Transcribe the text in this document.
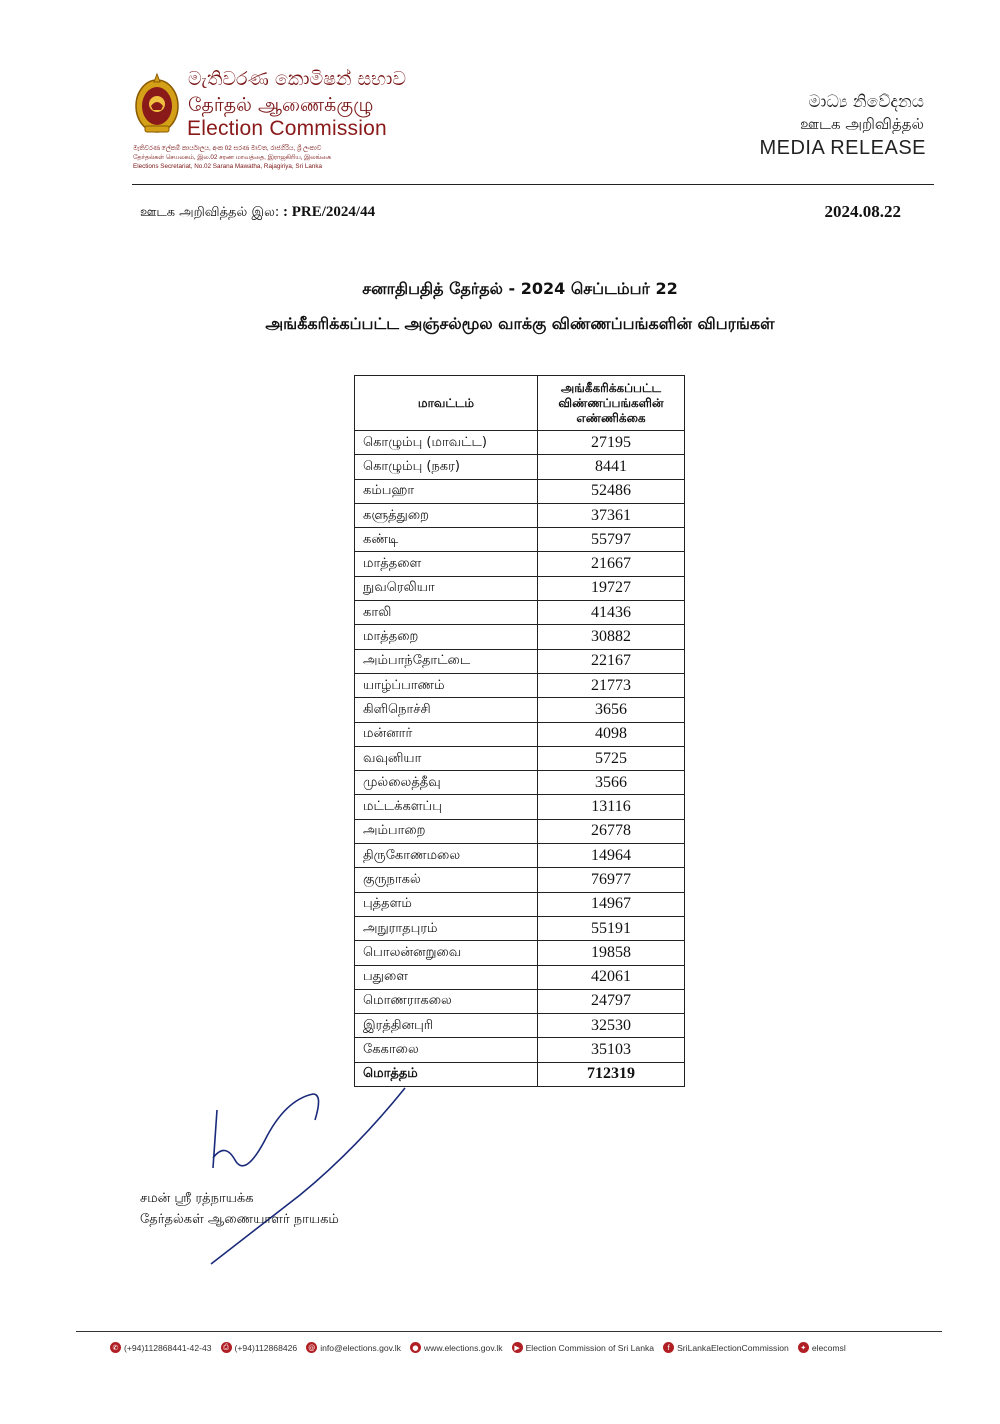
මැතිවරණ කොමිෂන් සභාව
தேர்தல் ஆணைக்குழு
Election Commission
මැතිවරණ ලේකම් කාර්යාලය, අංක 02 සරණ මාවත, රාජගිරිය, ශ්‍රී ලංකාව
தேர்தல்கள் செயலகம், இல.02 சரண மாவத்தை, இராஜகிரிய, இலங்கை
Elections Secretariat, No.02 Sarana Mawatha, Rajagiriya, Sri Lanka
මාධ්‍ය නිවේදනය
ஊடக அறிவித்தல்
MEDIA RELEASE
ஊடக அறிவித்தல் இல: : PRE/2024/44	2024.08.22
சனாதிபதித் தேர்தல் - 2024 செப்டம்பர் 22
அங்கீகரிக்கப்பட்ட அஞ்சல்மூல வாக்கு விண்ணப்பங்களின் விபரங்கள்
மாவட்டம்	அங்கீகரிக்கப்பட்ட
விண்ணப்பங்களின்
எண்ணிக்கை

கொழும்பு (மாவட்ட)	27195
கொழும்பு (நகர)	8441
கம்பஹா	52486
களுத்துறை	37361
கண்டி	55797
மாத்தளை	21667
நுவரெலியா	19727
காலி	41436
மாத்தறை	30882
அம்பாந்தோட்டை	22167
யாழ்ப்பாணம்	21773
கிளிநொச்சி	3656
மன்னார்	4098
வவுனியா	5725
முல்லைத்தீவு	3566
மட்டக்களப்பு	13116
அம்பாறை	26778
திருகோணமலை	14964
குருநாகல்	76977
புத்தளம்	14967
அநுராதபுரம்	55191
பொலன்னறுவை	19858
பதுளை	42061
மொணராகலை	24797
இரத்தினபுரி	32530
கேகாலை	35103
மொத்தம்	712319
சமன் ஸ்ரீ ரத்நாயக்க
தேர்தல்கள் ஆணையாளர் நாயகம்
✆ (+94)112868441-42-43	⎙ (+94)112868426 @ info@elections.gov.lk	● www.elections.gov.lk	▶ Election Commission of Sri Lanka	f SriLankaElectionCommission	✦ elecomsl
